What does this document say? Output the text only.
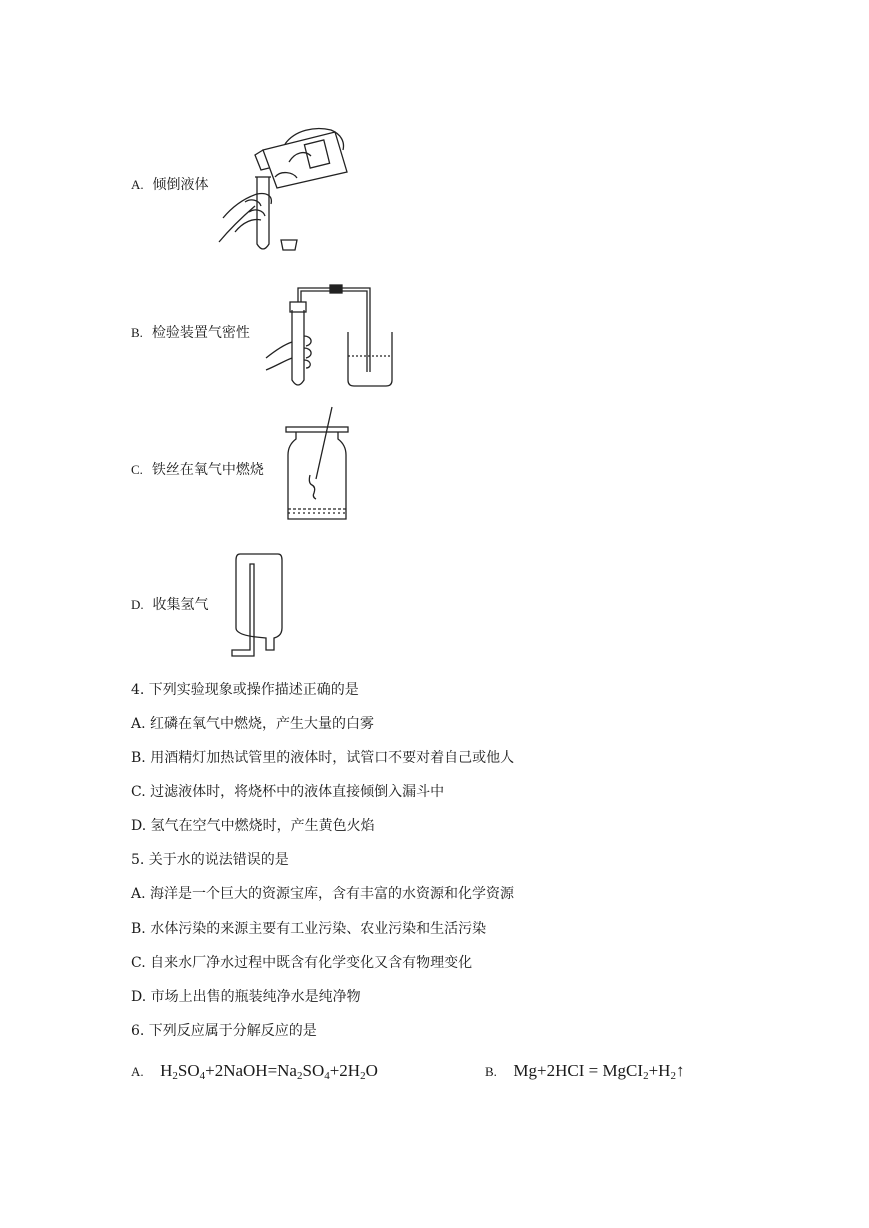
A. 倾倒液体
B. 检验装置气密性
C. 铁丝在氧气中燃烧
D. 收集氢气
4. 下列实验现象或操作描述正确的是
A. 红磷在氧气中燃烧，产生大量的白雾
B. 用酒精灯加热试管里的液体时，试管口不要对着自己或他人
C. 过滤液体时，将烧杯中的液体直接倾倒入漏斗中
D. 氢气在空气中燃烧时，产生黄色火焰
5. 关于水的说法错误的是
A. 海洋是一个巨大的资源宝库，含有丰富的水资源和化学资源
B. 水体污染的来源主要有工业污染、农业污染和生活污染
C. 自来水厂净水过程中既含有化学变化又含有物理变化
D. 市场上出售的瓶装纯净水是纯净物
6. 下列反应属于分解反应的是
A. $H_2SO_4+2NaOH=Na_2SO_4+2H_2O$	B. $Mg+2HCI = MgCI_2+H_2↑$
